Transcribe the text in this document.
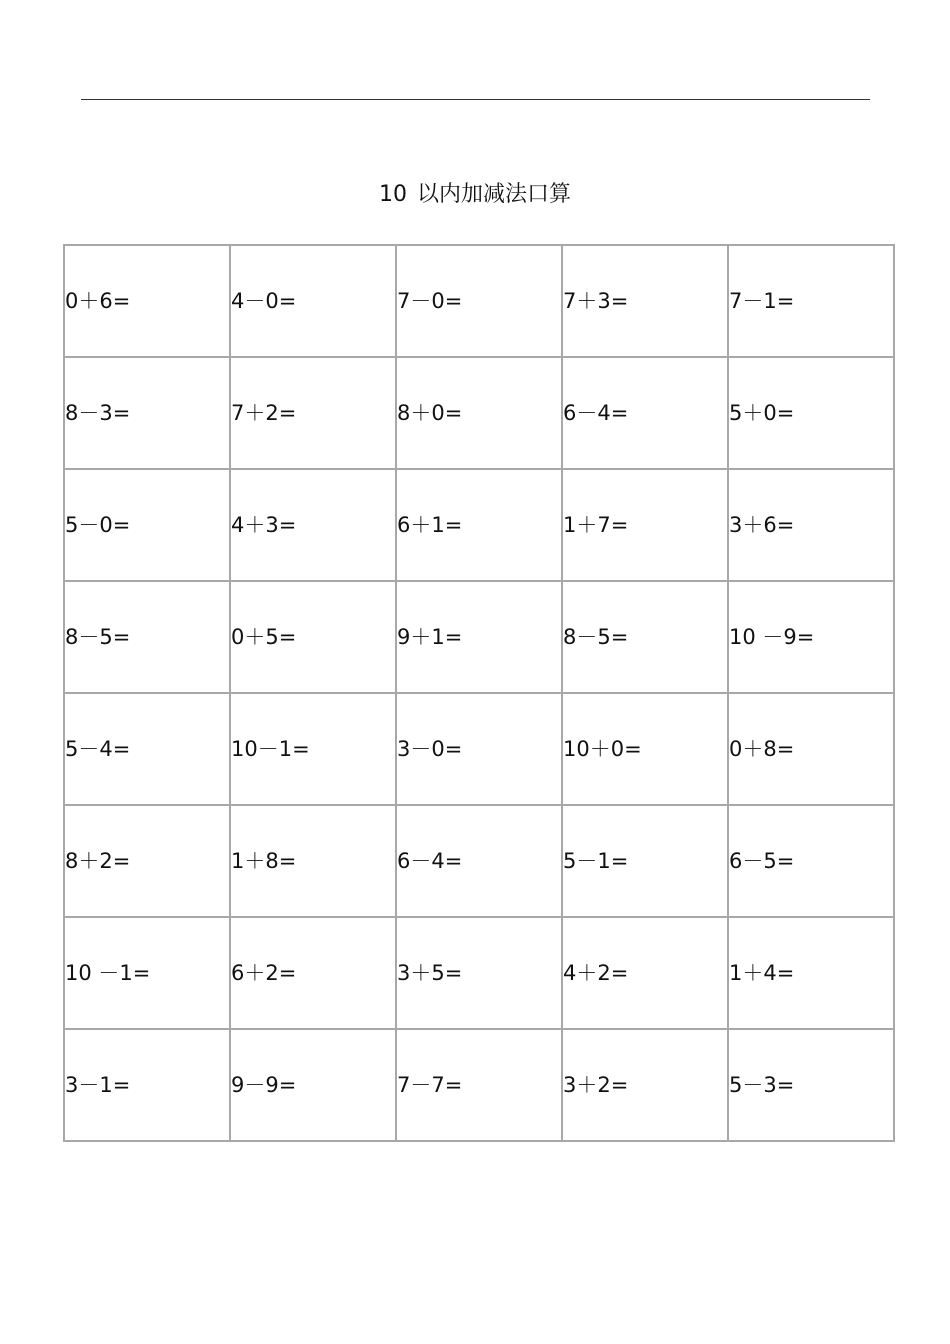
10 以内加减法口算
0＋6=	4－0=	7－0=	7＋3=	7－1=
8－3=	7＋2=	8＋0=	6－4=	5＋0=
5－0=	4＋3=	6＋1=	1＋7=	3＋6=
8－5=	0＋5=	9＋1=	8－5=	10 －9=
5－4=	10－1=	3－0=	10＋0=	0＋8=
8＋2=	1＋8=	6－4=	5－1=	6－5=
10 －1=	6＋2=	3＋5=	4＋2=	1＋4=
3－1=	9－9=	7－7=	3＋2=	5－3=
